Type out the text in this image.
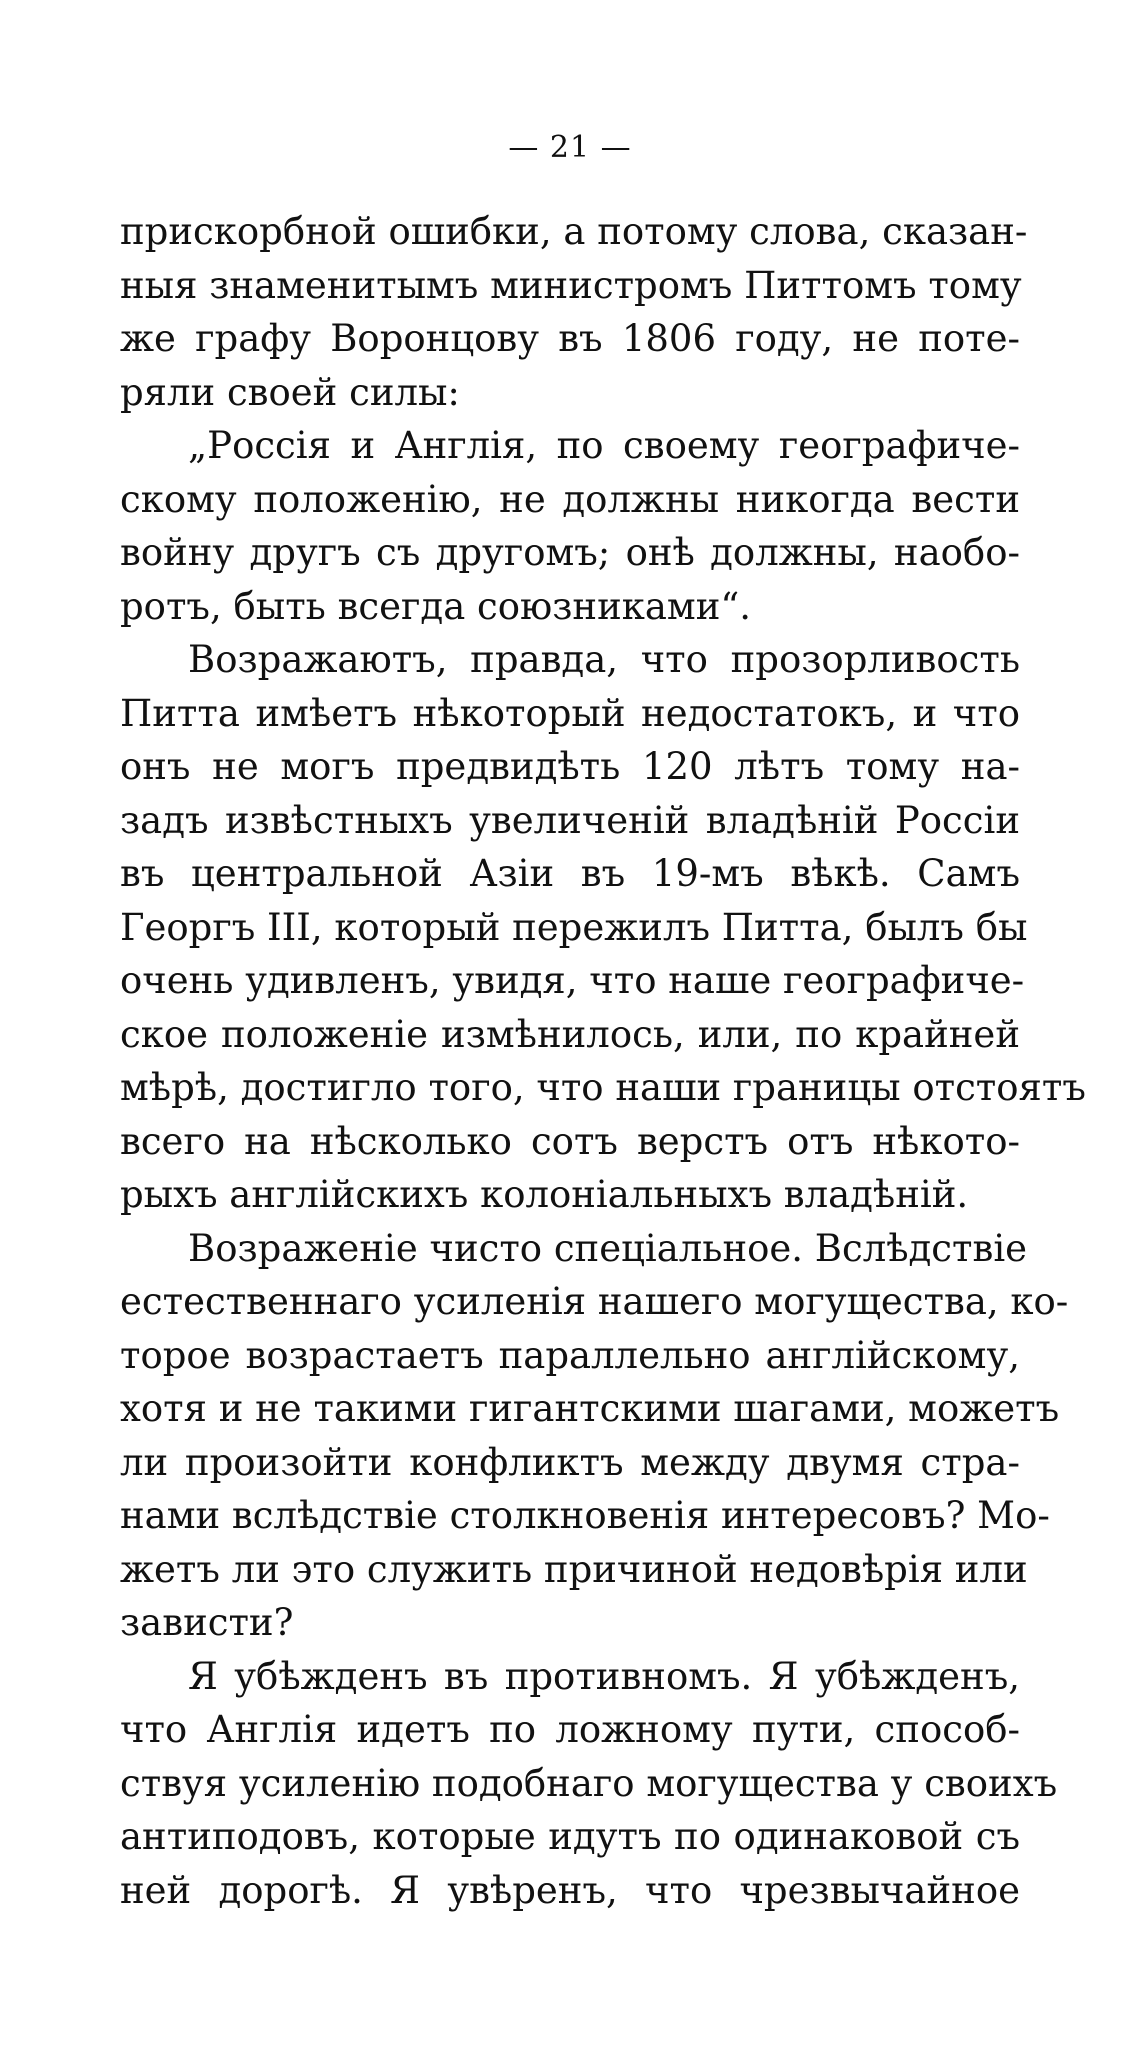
— 21 —
прискорбной ошибки, а потому слова, сказан-
ныя знаменитымъ министромъ Питтомъ тому
же графу Воронцову въ 1806 году, не поте-
ряли своей силы:
„Россія и Англія, по своему географиче-
скому положенію, не должны никогда вести
войну другъ съ другомъ; онѣ должны, наобо-
ротъ, быть всегда союзниками“.
Возражаютъ, правда, что прозорливость
Питта имѣетъ нѣкоторый недостатокъ, и что
онъ не могъ предвидѣть 120 лѣтъ тому на-
задъ извѣстныхъ увеличеній владѣній Россіи
въ центральной Азіи въ 19-мъ вѣкѣ. Самъ
Георгъ III, который пережилъ Питта, былъ бы
очень удивленъ, увидя, что наше географиче-
ское положеніе измѣнилось, или, по крайней
мѣрѣ, достигло того, что наши границы отстоятъ
всего на нѣсколько сотъ верстъ отъ нѣкото-
рыхъ англійскихъ колоніальныхъ владѣній.
Возраженіе чисто спеціальное. Вслѣдствіе
естественнаго усиленія нашего могущества, ко-
торое возрастаетъ параллельно англійскому,
хотя и не такими гигантскими шагами, можетъ
ли произойти конфликтъ между двумя стра-
нами вслѣдствіе столкновенія интересовъ? Мо-
жетъ ли это служить причиной недовѣрія или
зависти?
Я убѣжденъ въ противномъ. Я убѣжденъ,
что Англія идетъ по ложному пути, способ-
ствуя усиленію подобнаго могущества у своихъ
антиподовъ, которые идутъ по одинаковой съ
ней дорогѣ. Я увѣренъ, что чрезвычайное
